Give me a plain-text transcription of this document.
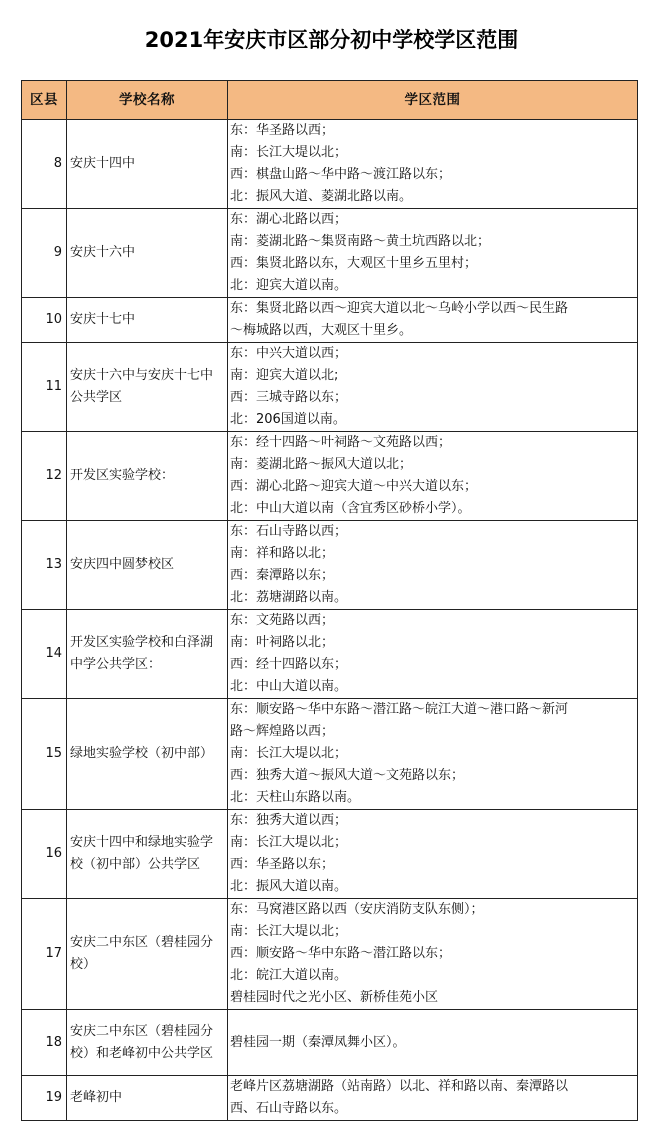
2021年安庆市区部分初中学校学区范围
区县	学校名称	学区范围
8	安庆十四中	东：华圣路以西；
南：长江大堤以北；
西：棋盘山路～华中路～渡江路以东；
北：振风大道、菱湖北路以南。

9	安庆十六中	东：湖心北路以西；
南：菱湖北路～集贤南路～黄土坑西路以北；
西：集贤北路以东，大观区十里乡五里村；
北：迎宾大道以南。

10	安庆十七中	东：集贤北路以西～迎宾大道以北～乌岭小学以西～民生路
～梅城路以西，大观区十里乡。

11	安庆十六中与安庆十七中公共学区	东：中兴大道以西；
南：迎宾大道以北;
西：三城寺路以东；
北：206国道以南。

12	开发区实验学校：	东：经十四路～叶祠路～文苑路以西；
南：菱湖北路～振风大道以北；
西：湖心北路～迎宾大道～中兴大道以东；
北：中山大道以南（含宜秀区砂桥小学）。

13	安庆四中圆梦校区	东：石山寺路以西；
南：祥和路以北；
西：秦潭路以东；
北：荔塘湖路以南。

14	开发区实验学校和白泽湖中学公共学区：	东：文苑路以西；
南：叶祠路以北；
西：经十四路以东；
北：中山大道以南。

15	绿地实验学校（初中部）	东：顺安路～华中东路～潜江路～皖江大道～港口路～新河
路～辉煌路以西；
南：长江大堤以北；
西：独秀大道～振风大道～文苑路以东；
北：天柱山东路以南。

16	安庆十四中和绿地实验学校（初中部）公共学区	东：独秀大道以西；
南：长江大堤以北；
西：华圣路以东；
北：振风大道以南。

17	安庆二中东区（碧桂园分校）	东：马窝港区路以西（安庆消防支队东侧）；
南：长江大堤以北；
西：顺安路～华中东路～潜江路以东；
北：皖江大道以南。
碧桂园时代之光小区、新桥佳苑小区

18	安庆二中东区（碧桂园分校）和老峰初中公共学区	碧桂园一期（秦潭凤舞小区）。

19	老峰初中	老峰片区荔塘湖路（站南路）以北、祥和路以南、秦潭路以
西、石山寺路以东。
